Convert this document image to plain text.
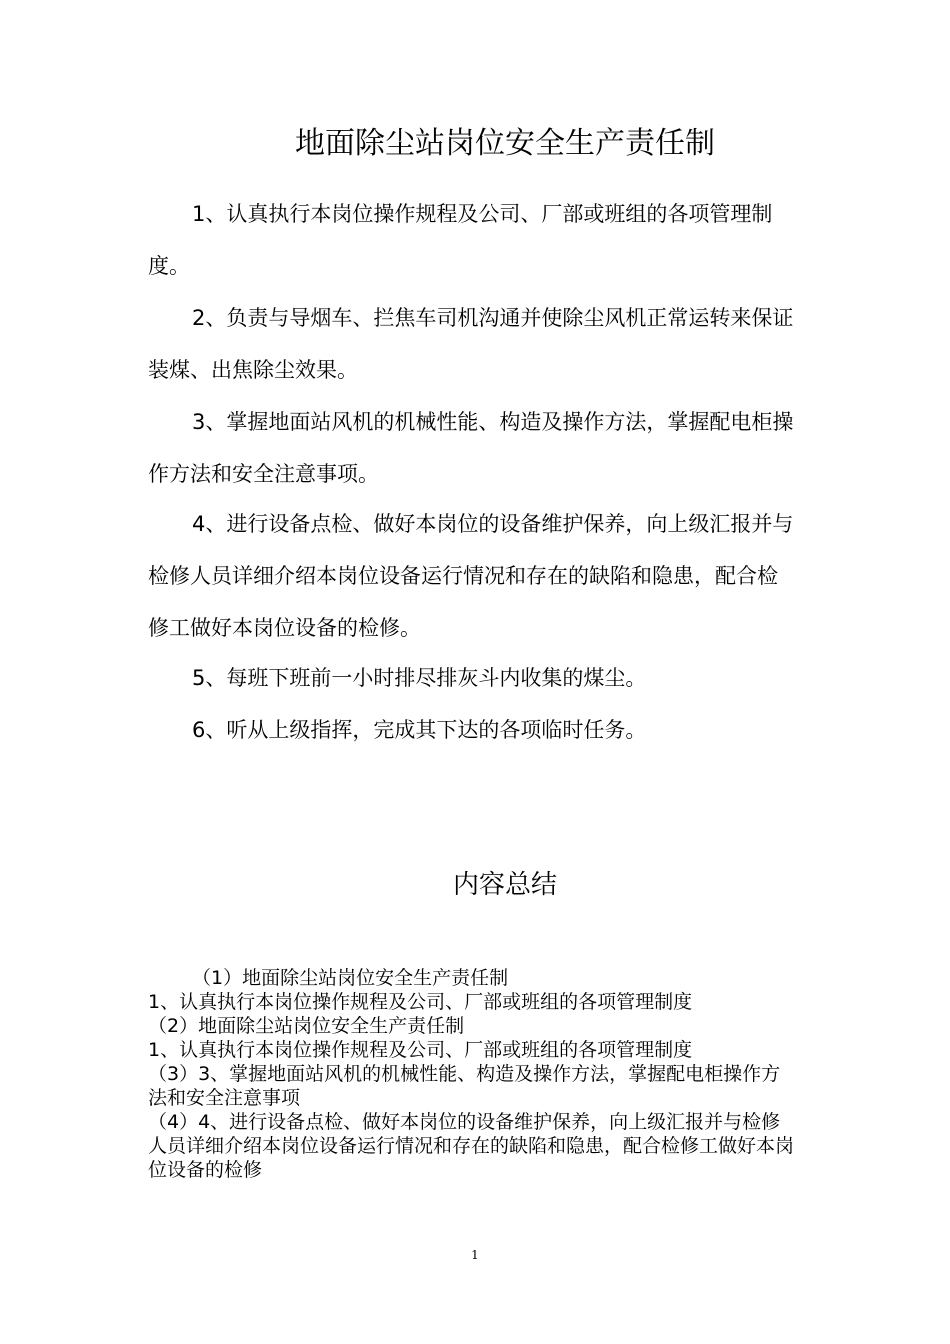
地面除尘站岗位安全生产责任制

1、认真执行本岗位操作规程及公司、厂部或班组的各项管理制度。

2、负责与导烟车、拦焦车司机沟通并使除尘风机正常运转来保证装煤、出焦除尘效果。

3、掌握地面站风机的机械性能、构造及操作方法，掌握配电柜操作方法和安全注意事项。

4、进行设备点检、做好本岗位的设备维护保养，向上级汇报并与检修人员详细介绍本岗位设备运行情况和存在的缺陷和隐患，配合检修工做好本岗位设备的检修。

5、每班下班前一小时排尽排灰斗内收集的煤尘。

6、听从上级指挥，完成其下达的各项临时任务。

内容总结
（1）地面除尘站岗位安全生产责任制
1、认真执行本岗位操作规程及公司、厂部或班组的各项管理制度
（2）地面除尘站岗位安全生产责任制
1、认真执行本岗位操作规程及公司、厂部或班组的各项管理制度
（3）3、掌握地面站风机的机械性能、构造及操作方法，掌握配电柜操作方法和安全注意事项
（4）4、进行设备点检、做好本岗位的设备维护保养，向上级汇报并与检修人员详细介绍本岗位设备运行情况和存在的缺陷和隐患，配合检修工做好本岗位设备的检修
1
